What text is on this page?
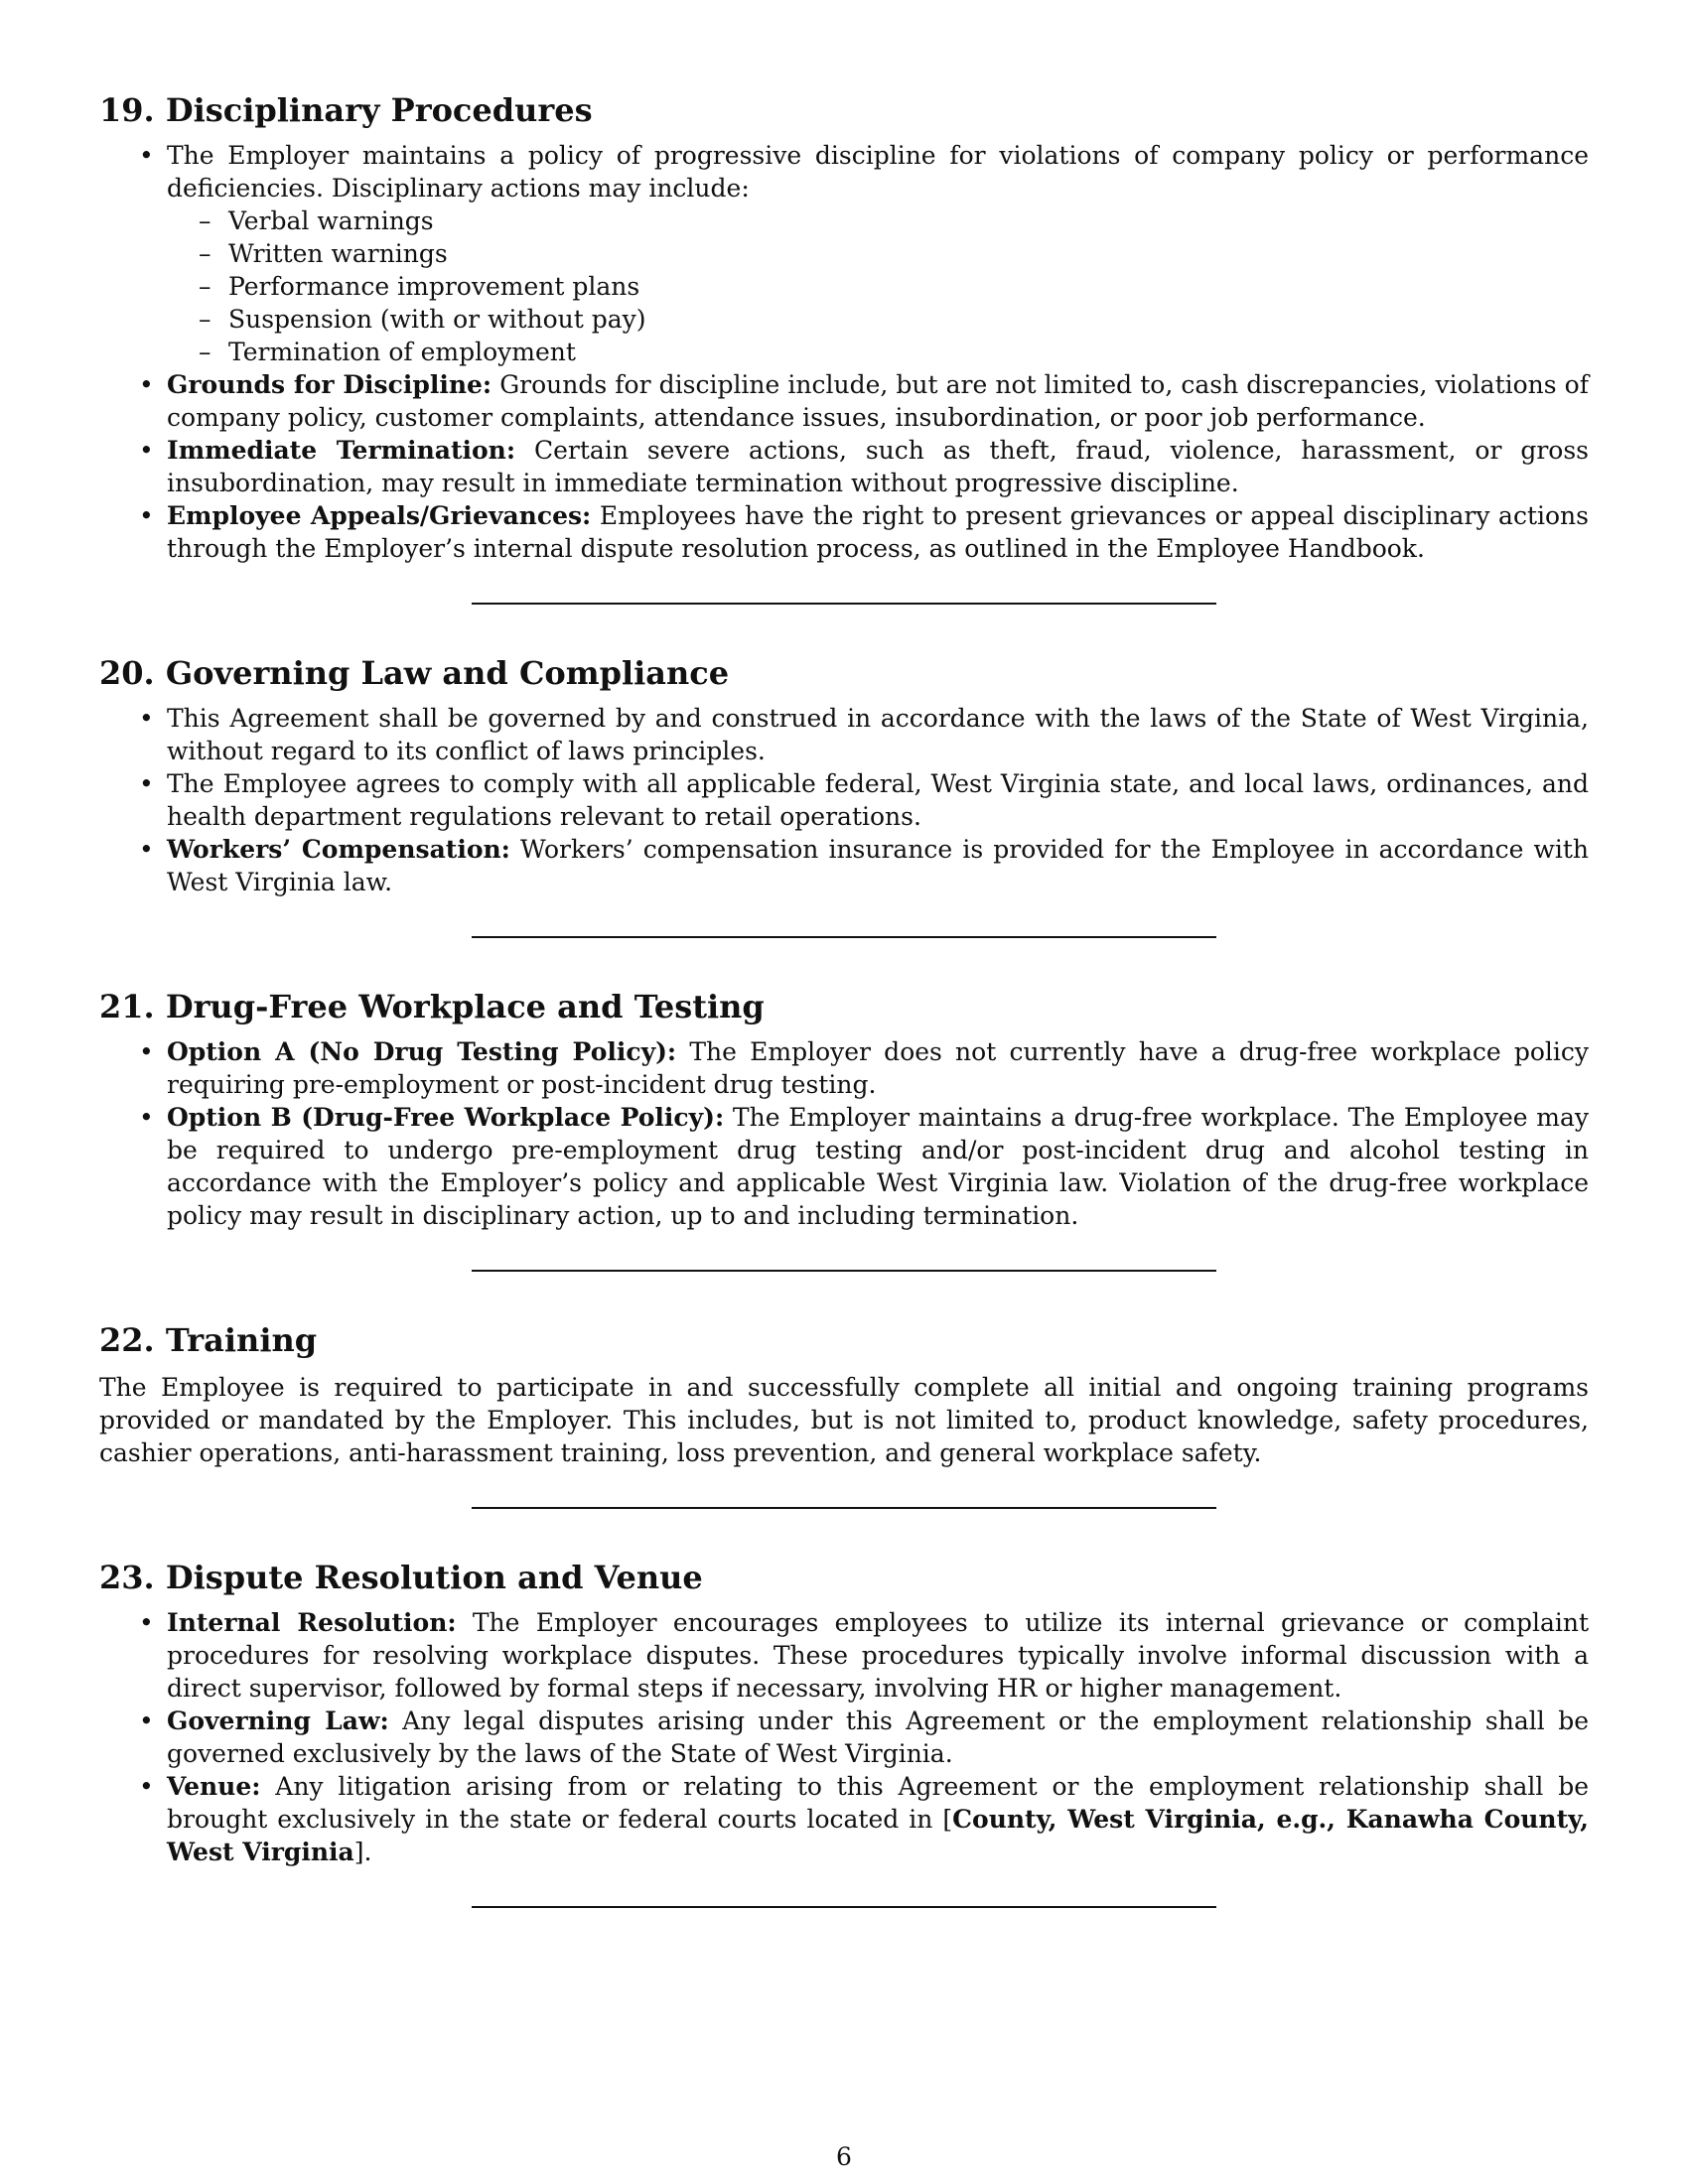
19. Disciplinary Procedures
• The Employer maintains a policy of progressive discipline for violations of company policy or performance deficiencies. Disciplinary actions may include:
– Verbal warnings
– Written warnings
– Performance improvement plans
– Suspension (with or without pay)
– Termination of employment
• Grounds for Discipline: Grounds for discipline include, but are not limited to, cash discrepancies, violations of company policy, customer complaints, attendance issues, insubordination, or poor job performance.
• Immediate Termination: Certain severe actions, such as theft, fraud, violence, harassment, or gross insubordination, may result in immediate termination without progressive discipline.
• Employee Appeals/Grievances: Employees have the right to present grievances or appeal disciplinary actions through the Employer’s internal dispute resolution process, as outlined in the Employee Handbook.
20. Governing Law and Compliance
• This Agreement shall be governed by and construed in accordance with the laws of the State of West Virginia, without regard to its conflict of laws principles.
• The Employee agrees to comply with all applicable federal, West Virginia state, and local laws, ordinances, and health department regulations relevant to retail operations.
• Workers’ Compensation: Workers’ compensation insurance is provided for the Employee in accordance with West Virginia law.
21. Drug-Free Workplace and Testing
• Option A (No Drug Testing Policy): The Employer does not currently have a drug-free workplace policy requiring pre-employment or post-incident drug testing.
• Option B (Drug-Free Workplace Policy): The Employer maintains a drug-free workplace. The Employee may be required to undergo pre-employment drug testing and/or post-incident drug and alcohol testing in accordance with the Employer’s policy and applicable West Virginia law. Violation of the drug-free workplace policy may result in disciplinary action, up to and including termination.
22. Training

The Employee is required to participate in and successfully complete all initial and ongoing training programs provided or mandated by the Employer. This includes, but is not limited to, product knowledge, safety procedures, cashier operations, anti-harassment training, loss prevention, and general workplace safety.

23. Dispute Resolution and Venue
• Internal Resolution: The Employer encourages employees to utilize its internal grievance or complaint procedures for resolving workplace disputes. These procedures typically involve informal discussion with a direct supervisor, followed by formal steps if necessary, involving HR or higher management.
• Governing Law: Any legal disputes arising under this Agreement or the employment relationship shall be governed exclusively by the laws of the State of West Virginia.
• Venue: Any litigation arising from or relating to this Agreement or the employment relationship shall be brought exclusively in the state or federal courts located in [County, West Virginia, e.g., Kanawha County, West Virginia].
6
